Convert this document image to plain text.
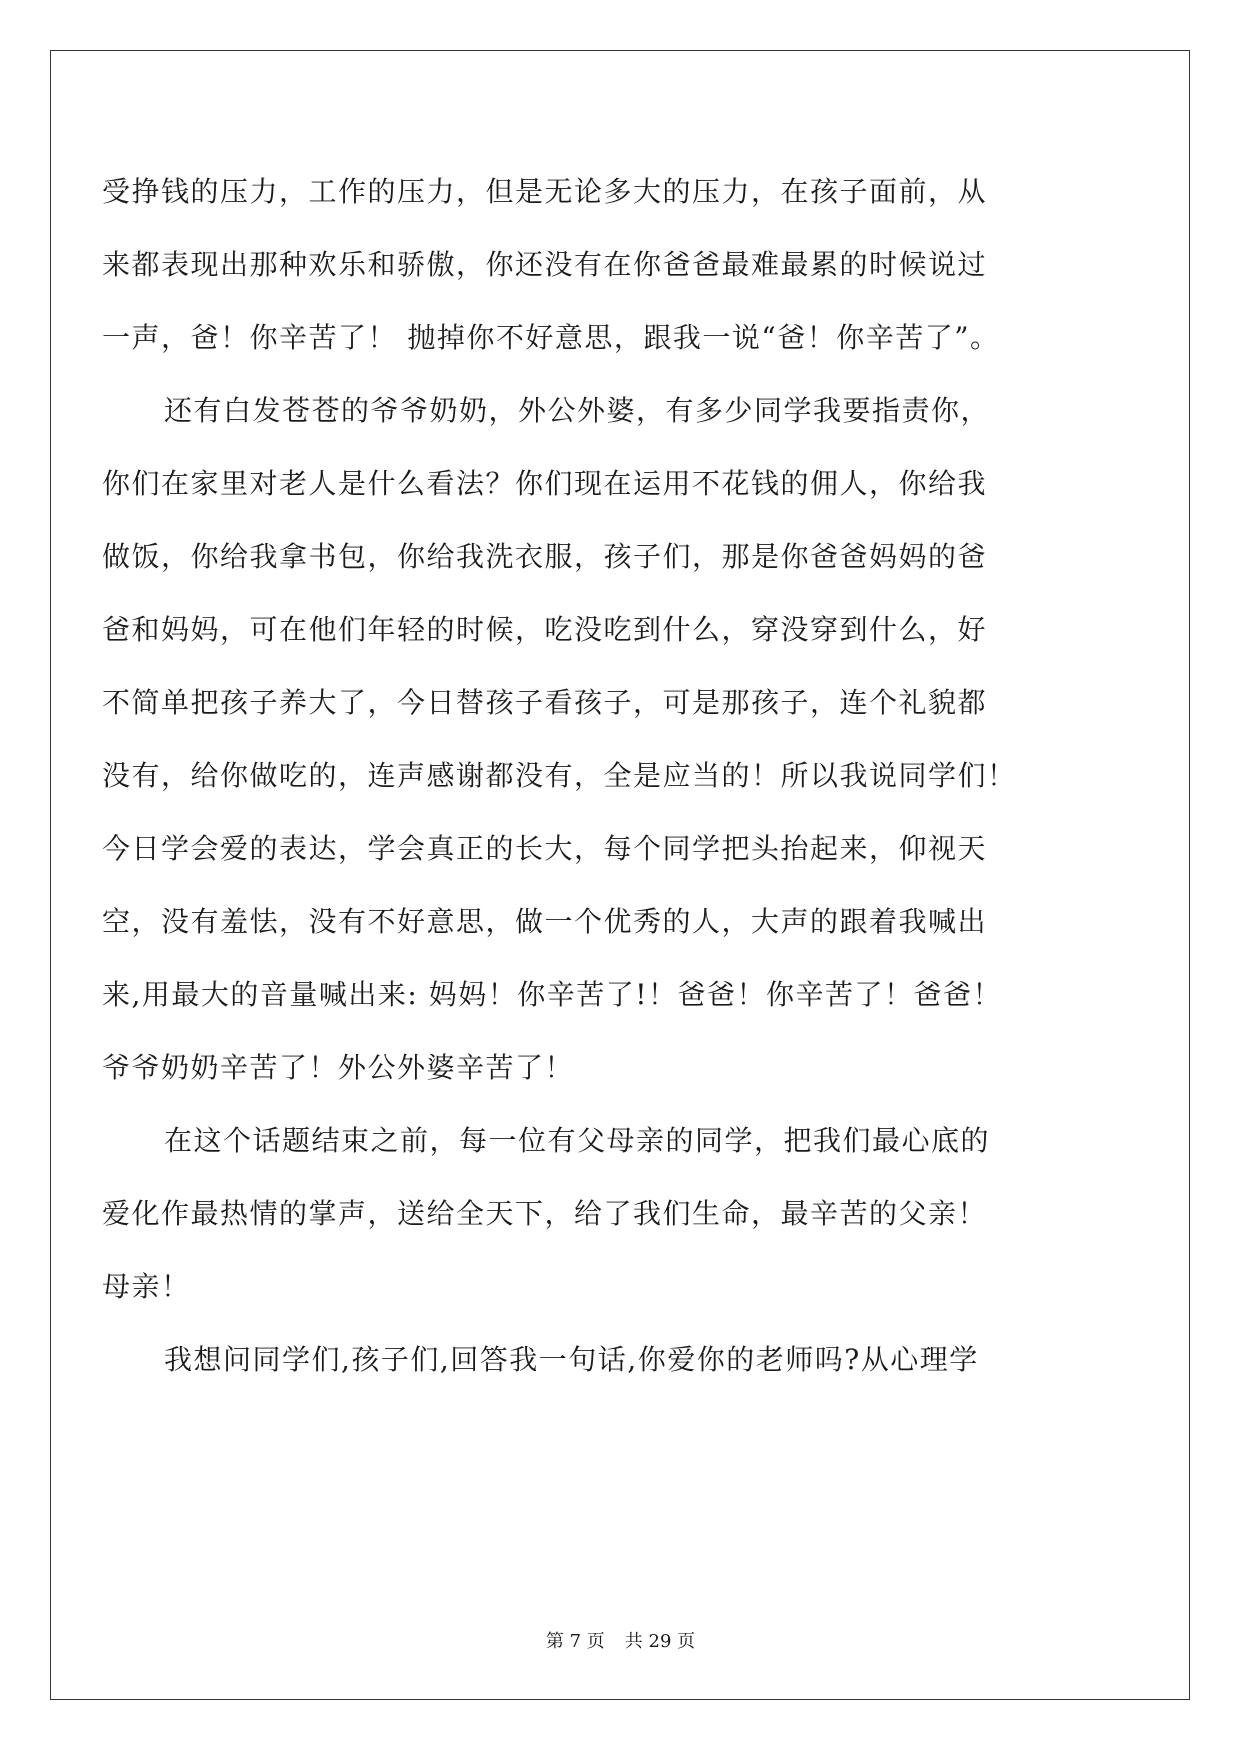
受挣钱的压力，工作的压力，但是无论多大的压力，在孩子面前，从
来都表现出那种欢乐和骄傲，你还没有在你爸爸最难最累的时候说过
一声，爸！你辛苦了！ 抛掉你不好意思，跟我一说“爸！你辛苦了”。
还有白发苍苍的爷爷奶奶，外公外婆，有多少同学我要指责你，
你们在家里对老人是什么看法？你们现在运用不花钱的佣人，你给我
做饭，你给我拿书包，你给我洗衣服，孩子们，那是你爸爸妈妈的爸
爸和妈妈，可在他们年轻的时候，吃没吃到什么，穿没穿到什么，好
不简单把孩子养大了，今日替孩子看孩子，可是那孩子，连个礼貌都
没有，给你做吃的，连声感谢都没有，全是应当的！所以我说同学们！
今日学会爱的表达，学会真正的长大，每个同学把头抬起来，仰视天
空，没有羞怯，没有不好意思，做一个优秀的人，大声的跟着我喊出
来,用最大的音量喊出来: 妈妈！你辛苦了!！爸爸！你辛苦了！爸爸！
爷爷奶奶辛苦了！外公外婆辛苦了！
在这个话题结束之前，每一位有父母亲的同学，把我们最心底的
爱化作最热情的掌声，送给全天下，给了我们生命，最辛苦的父亲！
母亲！
我想问同学们,孩子们,回答我一句话,你爱你的老师吗?从心理学
第 7 页 共 29 页
